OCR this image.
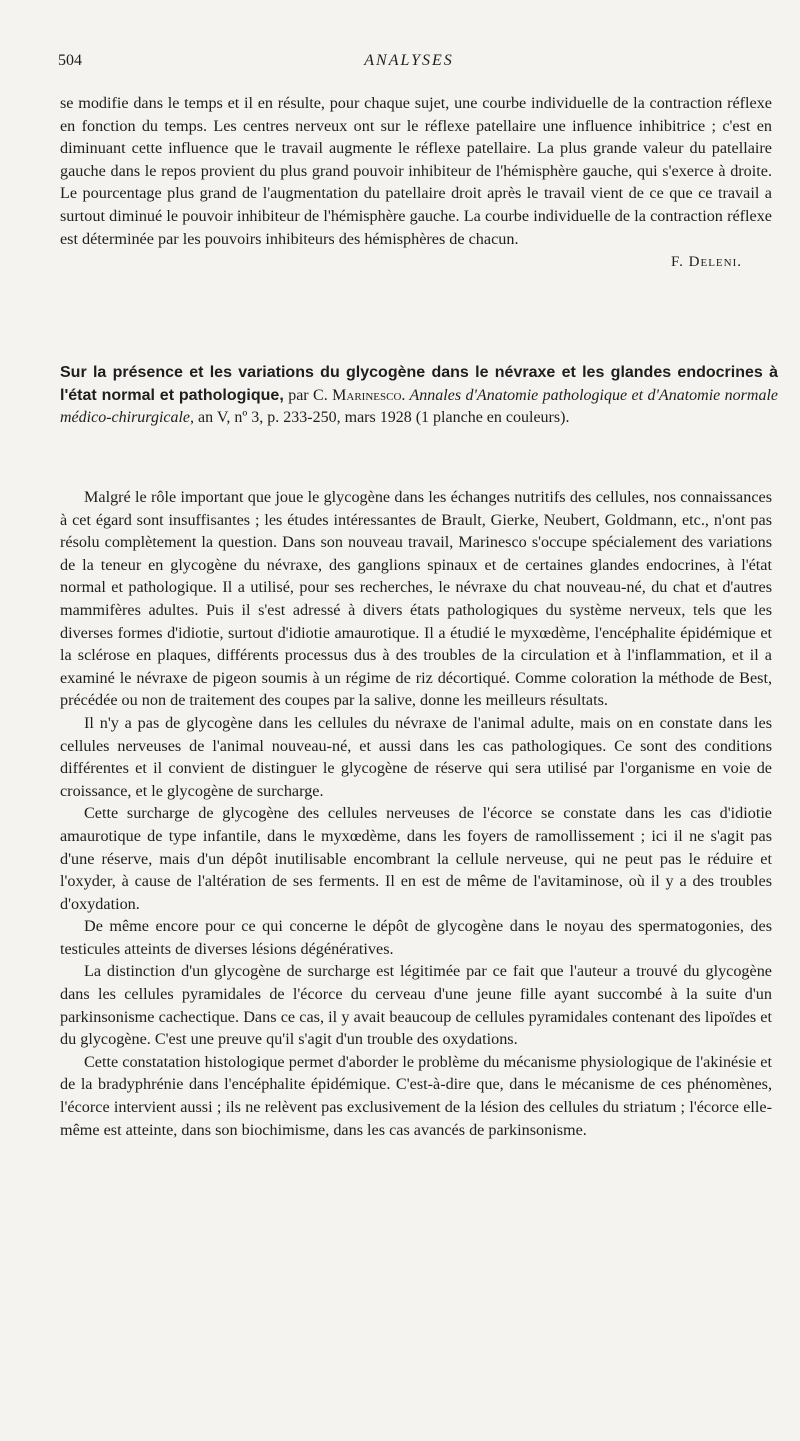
504	ANALYSES

se modifie dans le temps et il en résulte, pour chaque sujet, une courbe individuelle de la contraction réflexe en fonction du temps. Les centres nerveux ont sur le réflexe patellaire une influence inhibitrice ; c'est en diminuant cette influence que le travail augmente le réflexe patellaire. La plus grande valeur du patellaire gauche dans le repos provient du plus grand pouvoir inhibiteur de l'hémisphère gauche, qui s'exerce à droite. Le pourcentage plus grand de l'augmentation du patellaire droit après le travail vient de ce que ce travail a surtout diminué le pouvoir inhibiteur de l'hémisphère gauche. La courbe individuelle de la contraction réflexe est déterminée par les pouvoirs inhibiteurs des hémisphères de chacun.

F. Deleni.

Sur la présence et les variations du glycogène dans le névraxe et les glandes endocrines à l'état normal et pathologique, par C. Marinesco. Annales d'Anatomie pathologique et d'Anatomie normale médico-chirurgicale, an V, nº 3, p. 233-250, mars 1928 (1 planche en couleurs).

Malgré le rôle important que joue le glycogène dans les échanges nutritifs des cellules, nos connaissances à cet égard sont insuffisantes ; les études intéressantes de Brault, Gierke, Neubert, Goldmann, etc., n'ont pas résolu complètement la question. Dans son nouveau travail, Marinesco s'occupe spécialement des variations de la teneur en glycogène du névraxe, des ganglions spinaux et de certaines glandes endocrines, à l'état normal et pathologique. Il a utilisé, pour ses recherches, le névraxe du chat nouveau-né, du chat et d'autres mammifères adultes. Puis il s'est adressé à divers états pathologiques du système nerveux, tels que les diverses formes d'idiotie, surtout d'idiotie amaurotique. Il a étudié le myxœdème, l'encéphalite épidémique et la sclérose en plaques, différents processus dus à des troubles de la circulation et à l'inflammation, et il a examiné le névraxe de pigeon soumis à un régime de riz décortiqué. Comme coloration la méthode de Best, précédée ou non de traitement des coupes par la salive, donne les meilleurs résultats.

Il n'y a pas de glycogène dans les cellules du névraxe de l'animal adulte, mais on en constate dans les cellules nerveuses de l'animal nouveau-né, et aussi dans les cas pathologiques. Ce sont des conditions différentes et il convient de distinguer le glycogène de réserve qui sera utilisé par l'organisme en voie de croissance, et le glycogène de surcharge.

Cette surcharge de glycogène des cellules nerveuses de l'écorce se constate dans les cas d'idiotie amaurotique de type infantile, dans le myxœdème, dans les foyers de ramollissement ; ici il ne s'agit pas d'une réserve, mais d'un dépôt inutilisable encombrant la cellule nerveuse, qui ne peut pas le réduire et l'oxyder, à cause de l'altération de ses ferments. Il en est de même de l'avitaminose, où il y a des troubles d'oxydation.

De même encore pour ce qui concerne le dépôt de glycogène dans le noyau des spermatogonies, des testicules atteints de diverses lésions dégénératives.

La distinction d'un glycogène de surcharge est légitimée par ce fait que l'auteur a trouvé du glycogène dans les cellules pyramidales de l'écorce du cerveau d'une jeune fille ayant succombé à la suite d'un parkinsonisme cachectique. Dans ce cas, il y avait beaucoup de cellules pyramidales contenant des lipoïdes et du glycogène. C'est une preuve qu'il s'agit d'un trouble des oxydations.

Cette constatation histologique permet d'aborder le problème du mécanisme physiologique de l'akinésie et de la bradyphrénie dans l'encéphalite épidémique. C'est-à-dire que, dans le mécanisme de ces phénomènes, l'écorce intervient aussi ; ils ne relèvent pas exclusivement de la lésion des cellules du striatum ; l'écorce elle-même est atteinte, dans son biochimisme, dans les cas avancés de parkinsonisme.
